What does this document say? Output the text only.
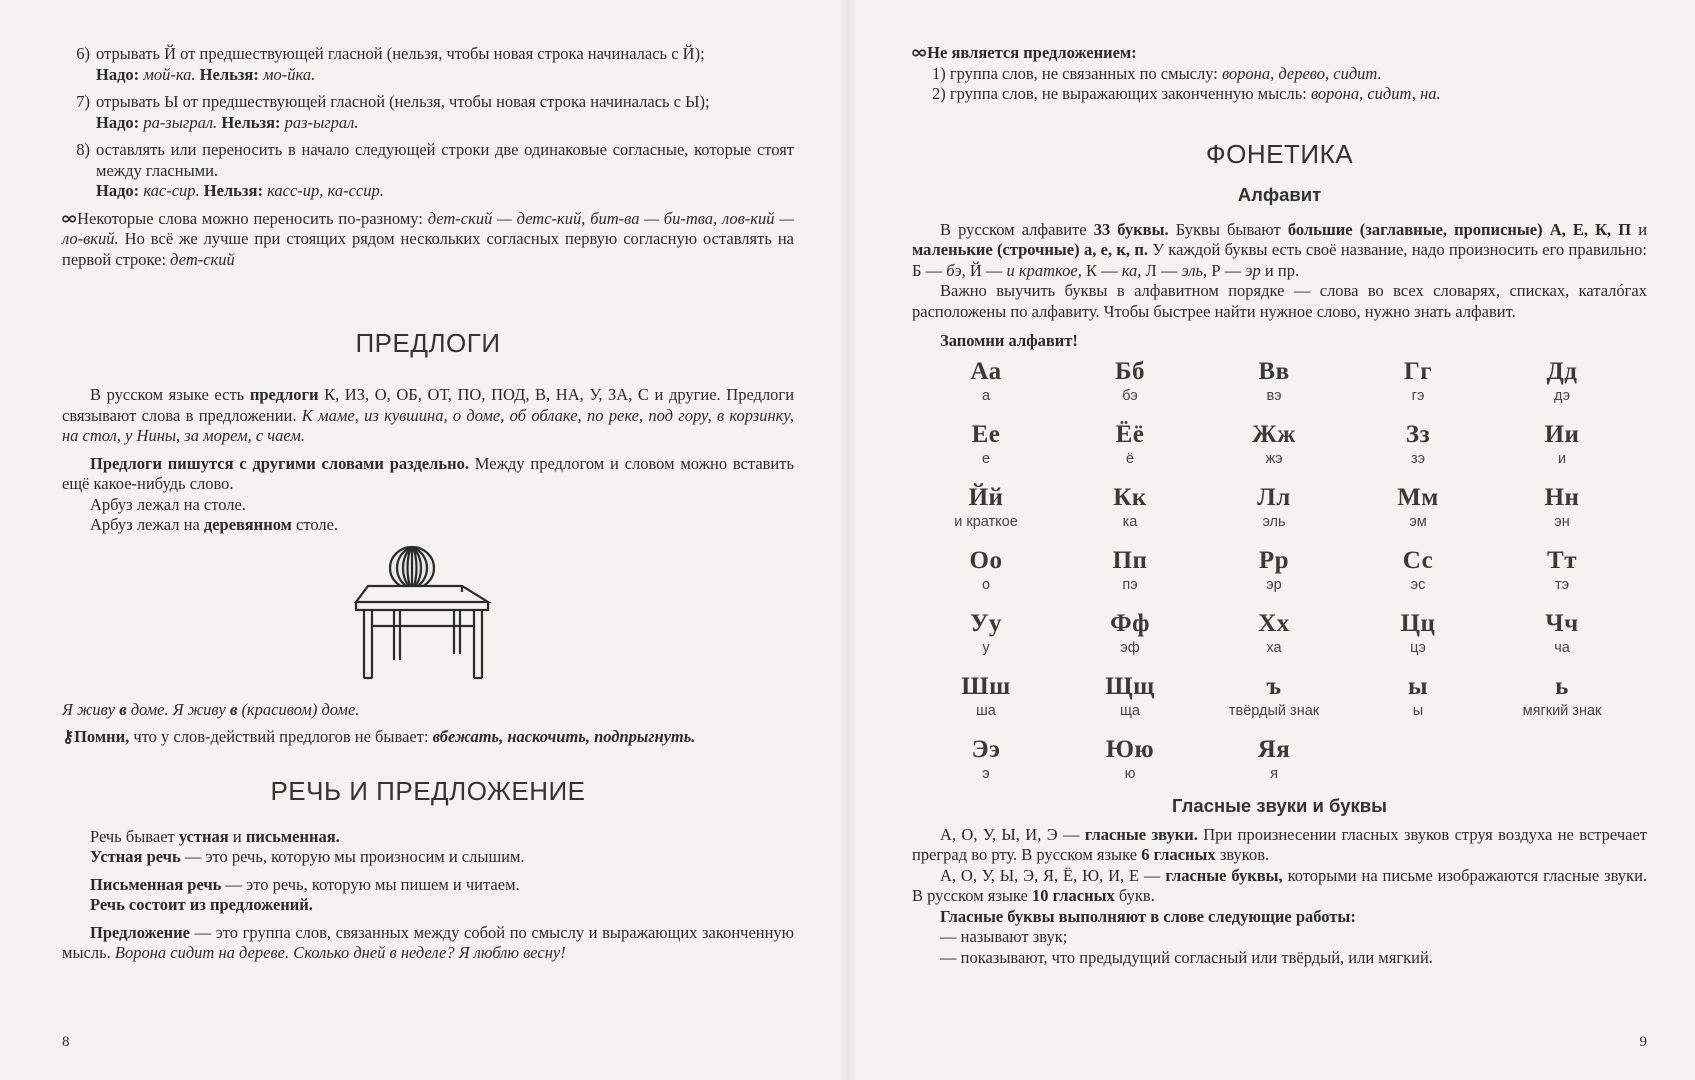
6) отрывать Й от предшествующей гласной (нельзя, чтобы новая строка начиналась с Й);

Надо: мой-ка. Нельзя: мо-йка.

7) отрывать Ы от предшествующей гласной (нельзя, чтобы новая строка начиналась с Ы);

Надо: ра-зыграл. Нельзя: раз-ыграл.

8) оставлять или переносить в начало следующей строки две одинаковые согласные, которые стоят между гласными.

Надо: кас-сир. Нельзя: касс-ир, ка-ссир.

∞Некоторые слова можно переносить по-разному: дет-ский — детс-кий, бит-ва — би-тва, лов-кий — ло-вкий. Но всё же лучше при стоящих рядом нескольких согласных первую согласную оставлять на первой строке: дет-ский

ПРЕДЛОГИ

В русском языке есть предлоги К, ИЗ, О, ОБ, ОТ, ПО, ПОД, В, НА, У, ЗА, С и другие. Предлоги связывают слова в предложении. К маме, из кувшина, о доме, об облаке, по реке, под гору, в корзинку, на стол, у Нины, за морем, с чаем.

Предлоги пишутся с другими словами раздельно. Между предлогом и словом можно вставить ещё какое-нибудь слово.

Арбуз лежал на столе.

Арбуз лежал на деревянном столе.

Я живу в доме. Я живу в (красивом) доме.

⚷Помни, что у слов-действий предлогов не бывает: вбежать, наскочить, подпрыгнуть.

РЕЧЬ И ПРЕДЛОЖЕНИЕ

Речь бывает устная и письменная.

Устная речь — это речь, которую мы произносим и слышим.

Письменная речь — это речь, которую мы пишем и читаем.

Речь состоит из предложений.

Предложение — это группа слов, связанных между собой по смыслу и выражающих законченную мысль. Ворона сидит на дереве. Сколько дней в неделе? Я люблю весну!

8

∞Не является предложением:

1) группа слов, не связанных по смыслу: ворона, дерево, сидит.

2) группа слов, не выражающих законченную мысль: ворона, сидит, на.

ФОНЕТИКА
Алфавит

В русском алфавите 33 буквы. Буквы бывают большие (заглавные, прописные) А, Е, К, П и маленькие (строчные) а, е, к, п. У каждой буквы есть своё название, надо произносить его правильно: Б — бэ, Й — и краткое, К — ка, Л — эль, Р — эр и пр.

Важно выучить буквы в алфавитном порядке — слова во всех словарях, списках, каталóгах расположены по алфавиту. Чтобы быстрее найти нужное слово, нужно знать алфавит.

Запомни алфавит!

Аа
а
Бб
бэ
Вв
вэ
Гг
гэ
Дд
дэ
Ее
е
Ёё
ё
Жж
жэ
Зз
зэ
Ии
и
Йй
и краткое
Кк
ка
Лл
эль
Мм
эм
Нн
эн
Оо
о
Пп
пэ
Рр
эр
Сс
эс
Тт
тэ
Уу
у
Фф
эф
Хх
ха
Цц
цэ
Чч
ча
Шш
ша
Щщ
ща
ъ
твёрдый знак
ы
ы
ь
мягкий знак
Ээ
э
Юю
ю
Яя
я
Гласные звуки и буквы

А, О, У, Ы, И, Э — гласные звуки. При произнесении гласных звуков струя воздуха не встречает преград во рту. В русском языке 6 гласных звуков.

А, О, У, Ы, Э, Я, Ё, Ю, И, Е — гласные буквы, которыми на письме изображаются гласные звуки. В русском языке 10 гласных букв.

Гласные буквы выполняют в слове следующие работы:

— называют звук;

— показывают, что предыдущий согласный или твёрдый, или мягкий.

9
